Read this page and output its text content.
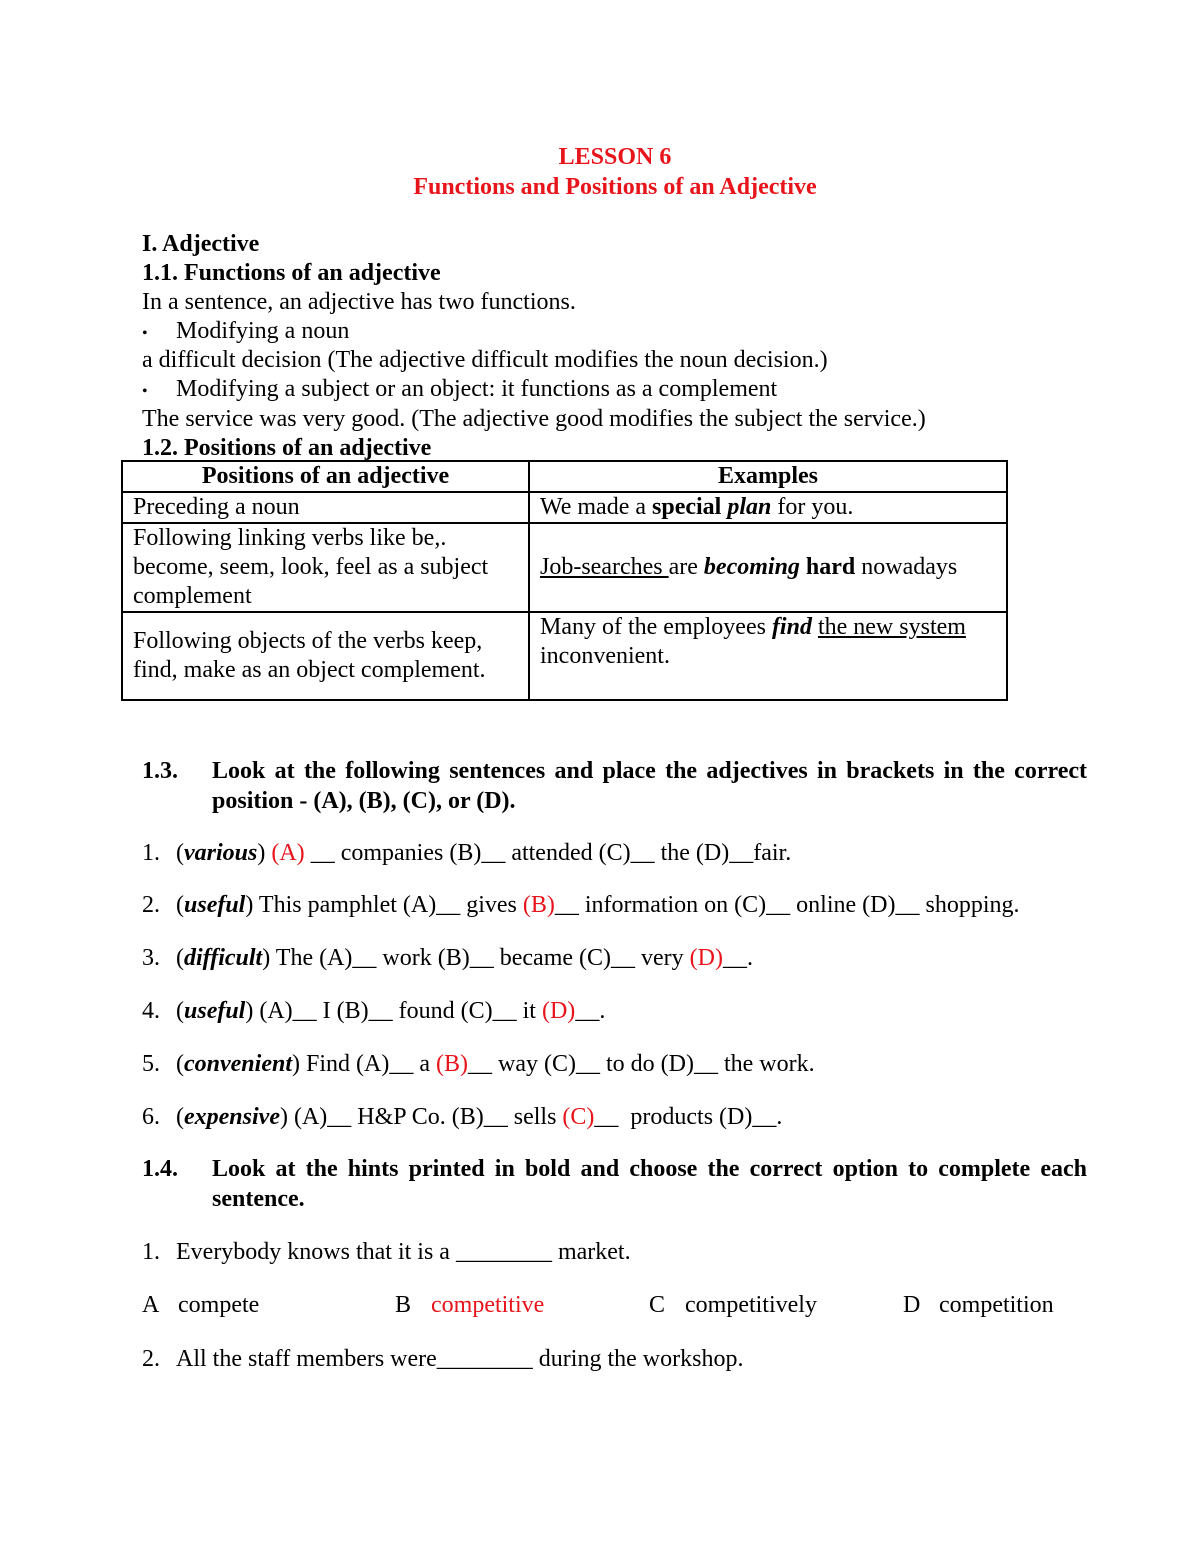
LESSON 6
Functions and Positions of an Adjective
I. Adjective
1.1. Functions of an adjective
In a sentence, an adjective has two functions.
• Modifying a noun
a difficult decision (The adjective difficult modifies the noun decision.)
• Modifying a subject or an object: it functions as a complement
The service was very good. (The adjective good modifies the subject the service.)
1.2. Positions of an adjective
Positions of an adjective	Examples
Preceding a noun	We made a special plan for you.
Following linking verbs like be,. become, seem, look, feel as a subject complement	Job-searches are becoming hard nowadays
Following objects of the verbs keep, find, make as an object complement.	Many of the employees find the new system inconvenient.
1.3. Look at the following sentences and place the adjectives in brackets in the correct position - (A), (B), (C), or (D).
1. (various) (A) __ companies (B)__ attended (C)__ the (D)__fair.
2. (useful) This pamphlet (A)__ gives (B)__ information on (C)__ online (D)__ shopping.
3. (difficult) The (A)__ work (B)__ became (C)__ very (D)__.
4. (useful) (A)__ I (B)__ found (C)__ it (D)__.
5. (convenient) Find (A)__ a (B)__ way (C)__ to do (D)__ the work.
6. (expensive) (A)__ H&P Co. (B)__ sells (C)__  products (D)__.
1.4. Look at the hints printed in bold and choose the correct option to complete each sentence.
1. Everybody knows that it is a ________ market.
A compete	B competitive	C competitively	D competition
2. All the staff members were________ during the workshop.
